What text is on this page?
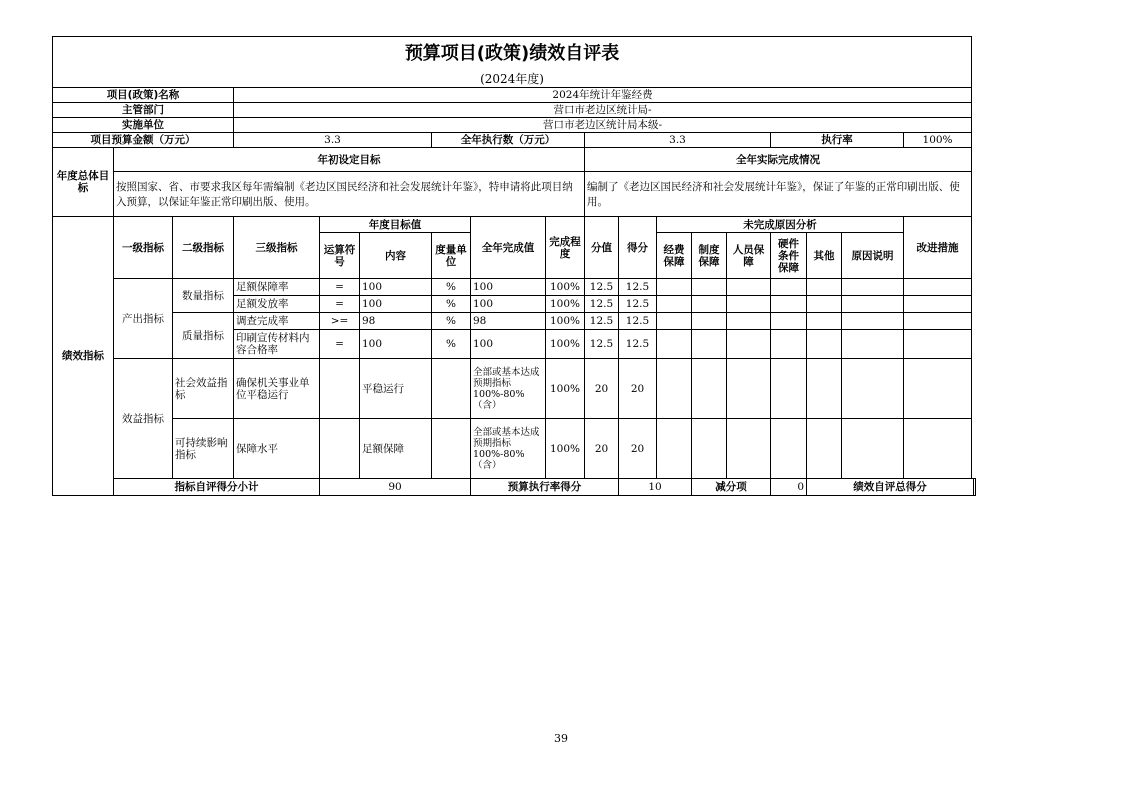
预算项目(政策)绩效自评表																		
(2024年度)																		
项目(政策)名称			2024年统计年鉴经费															
主管部门			营口市老边区统计局-															
实施单位			营口市老边区统计局本级-															
项目预算金额（万元）			3.3			全年执行数（万元）			3.3					执行率			100%	
年度总体目标	年初设定目标								全年实际完成情况									
	按照国家、省、市要求我区每年需编制《老边区国民经济和社会发展统计年鉴》，特申请将此项目纳入预算，以保证年鉴正常印刷出版、使用。								编制了《老边区国民经济和社会发展统计年鉴》，保证了年鉴的正常印刷出版、使用。									
绩效指标	一级指标	二级指标	三级指标	年度目标值			全年完成值	完成程度	分值	得分	未完成原因分析						改进措施	
				运算符号	内容	度量单位					经费保障	制度保障	人员保障	硬件条件保障	其他	原因说明		
	产出指标	数量指标	足额保障率	=	100	%	100	100%	12.5	12.5								
			足额发放率	=	100	%	100	100%	12.5	12.5								
		质量指标	调查完成率	>=	98	%	98	100%	12.5	12.5								
			印刷宣传材料内容合格率	=	100	%	100	100%	12.5	12.5								
	效益指标	社会效益指标	确保机关事业单位平稳运行		平稳运行		全部或基本达成预期指标100%-80%（含）	100%	20	20								
		可持续影响指标	保障水平		足额保障		全部或基本达成预期指标100%-80%（含）	100%	20	20								
	指标自评得分小计			90			预算执行率得分			10		减分项		0	绩效自评总得分	
39
